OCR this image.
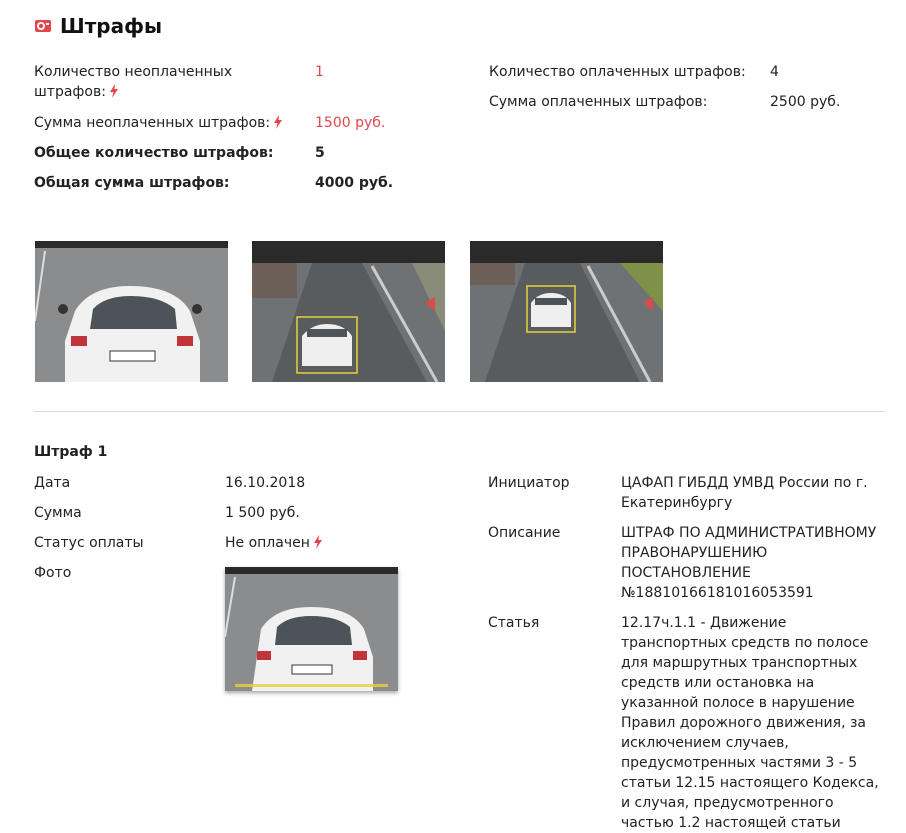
Штрафы
Количество неоплаченных штрафов:
1
Сумма неоплаченных штрафов:	1500 руб.
Общее количество штрафов:	5
Общая сумма штрафов:	4000 руб.
Количество оплаченных штрафов: 4
Сумма оплаченных штрафов:	2500 руб.
Штраф 1
Дата	16.10.2018
Сумма	1 500 руб.
Статус оплаты	Не оплачен
Фото
Инициатор	ЦАФАП ГИБДД УМВД России по г. Екатеринбургу
Описание	ШТРАФ ПО АДМИНИСТРАТИВНОМУ ПРАВОНАРУШЕНИЮ ПОСТАНОВЛЕНИЕ №18810166181016053591
Статья	12.17ч.1.1 - Движение транспортных средств по полосе для маршрутных транспортных средств или остановка на указанной полосе в нарушение Правил дорожного движения, за исключением случаев, предусмотренных частями 3 - 5 статьи 12.15 настоящего Кодекса, и случая, предусмотренного частью 1.2 настоящей статьи
